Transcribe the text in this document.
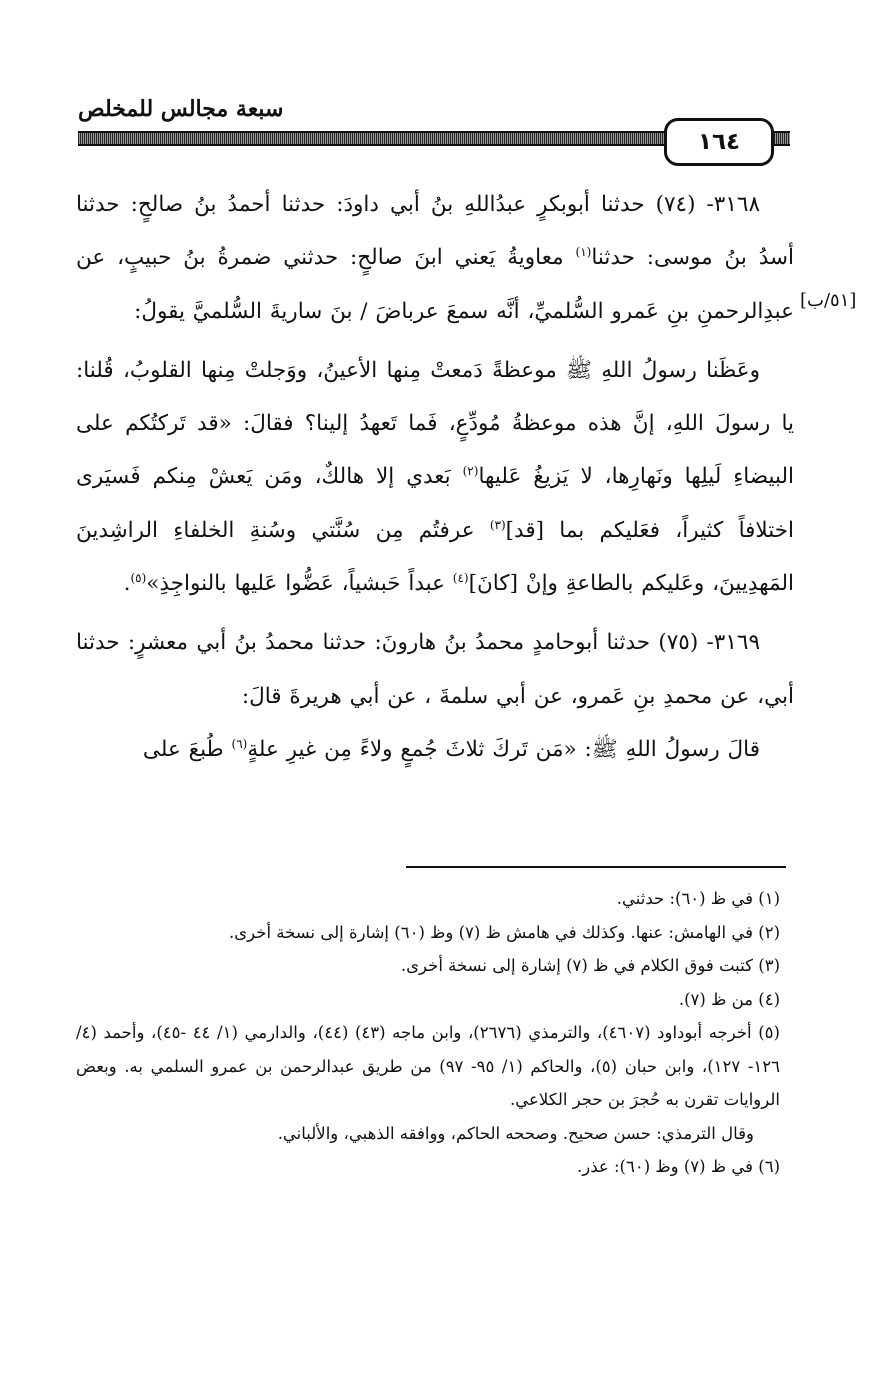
سبعة مجالس للمخلص
١٦٤
[٥١/ب]

٣١٦٨- (٧٤) حدثنا أبوبكرٍ عبدُاللهِ بنُ أبي داودَ: حدثنا أحمدُ بنُ صالحٍ: حدثنا أسدُ بنُ موسى: حدثنا$^{(١)}$ معاويةُ يَعني ابنَ صالحٍ: حدثني ضمرةُ بنُ حبيبٍ، عن عبدِالرحمنِ بنِ عَمرو السُّلميِّ، أنَّه سمعَ عرباضَ / بنَ ساريةَ السُّلميَّ يقولُ:

وعَظَنا رسولُ اللهِ ﷺ موعظةً دَمعتْ مِنها الأعينُ، ووَجلتْ مِنها القلوبُ، قُلنا: يا رسولَ اللهِ، إنَّ هذه موعظةُ مُودِّعٍ، فَما تَعهدُ إلينا؟ فقالَ: «قد تَركتُكم على البيضاءِ لَيلِها ونَهارِها، لا يَزيغُ عَليها$^{(٢)}$ بَعدي إلا هالكٌ، ومَن يَعشْ مِنكم فَسيَرى اختلافاً كثيراً، فعَليكم بما [قد]$^{(٣)}$ عرفتُم مِن سُنَّتي وسُنةِ الخلفاءِ الراشِدينَ المَهدِيينَ، وعَليكم بالطاعةِ وإنْ [كانَ]$^{(٤)}$ عبداً حَبشياً، عَضُّوا عَليها بالنواجِذِ»$^{(٥)}$.

٣١٦٩- (٧٥) حدثنا أبوحامدٍ محمدُ بنُ هارونَ: حدثنا محمدُ بنُ أبي معشرٍ: حدثنا أبي، عن محمدِ بنِ عَمرو، عن أبي سلمةَ ، عن أبي هريرةَ قالَ:

قالَ رسولُ اللهِ ﷺ: «مَن تَركَ ثلاثَ جُمعٍ ولاءً مِن غيرِ علةٍ$^{(٦)}$ طُبعَ على

(١) في ظ (٦٠): حدثني.

(٢) في الهامش: عنها. وكذلك في هامش ظ (٧) وظ (٦٠) إشارة إلى نسخة أخرى.

(٣) كتبت فوق الكلام في ظ (٧) إشارة إلى نسخة أخرى.

(٤) من ظ (٧).

(٥) أخرجه أبوداود (٤٦٠٧)، والترمذي (٢٦٧٦)، وابن ماجه (٤٣) (٤٤)، والدارمي (١/ ٤٤ -٤٥)، وأحمد (٤/ ١٢٦- ١٢٧)، وابن حبان (٥)، والحاكم (١/ ٩٥- ٩٧) من طريق عبدالرحمن بن عمرو السلمي به. وبعض الروايات تقرن به حُجرَ بن حجر الكلاعي.

وقال الترمذي: حسن صحيح. وصححه الحاكم، ووافقه الذهبي، والألباني.

(٦) في ظ (٧) وظ (٦٠): عذر.
